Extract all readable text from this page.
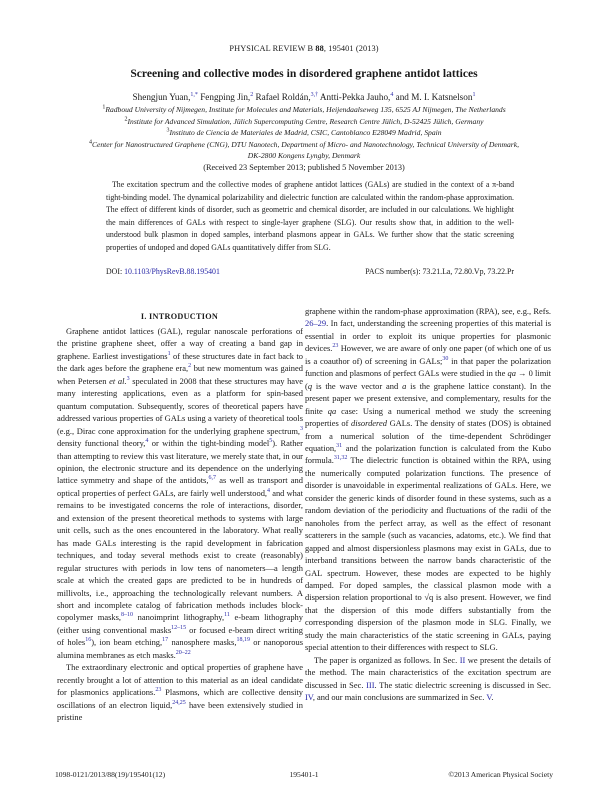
PHYSICAL REVIEW B 88, 195401 (2013)
Screening and collective modes in disordered graphene antidot lattices
Shengjun Yuan,$^{1,*}$ Fengping Jin,$^2$ Rafael Roldán,$^{3,\dagger}$ Antti-Pekka Jauho,$^4$ and M. I. Katsnelson$^1$
$^1$Radboud University of Nijmegen, Institute for Molecules and Materials, Heijendaalseweg 135, 6525 AJ Nijmegen, The Netherlands
$^2$Institute for Advanced Simulation, Jülich Supercomputing Centre, Research Centre Jülich, D-52425 Jülich, Germany
$^3$Instituto de Ciencia de Materiales de Madrid, CSIC, Cantoblanco E28049 Madrid, Spain
$^4$Center for Nanostructured Graphene (CNG), DTU Nanotech, Department of Micro- and Nanotechnology, Technical University of Denmark,
DK-2800 Kongens Lyngby, Denmark
(Received 23 September 2013; published 5 November 2013)
The excitation spectrum and the collective modes of graphene antidot lattices (GALs) are studied in the context of a π-band tight-binding model. The dynamical polarizability and dielectric function are calculated within the random-phase approximation. The effect of different kinds of disorder, such as geometric and chemical disorder, are included in our calculations. We highlight the main differences of GALs with respect to single-layer graphene (SLG). Our results show that, in addition to the well-understood bulk plasmon in doped samples, interband plasmons appear in GALs. We further show that the static screening properties of undoped and doped GALs quantitatively differ from SLG.
DOI: 10.1103/PhysRevB.88.195401	PACS number(s): 73.21.La, 72.80.Vp, 73.22.Pr
I. INTRODUCTION

Graphene antidot lattices (GAL), regular nanoscale perforations of the pristine graphene sheet, offer a way of creating a band gap in graphene. Earliest investigations$^1$ of these structures date in fact back to the dark ages before the graphene era,$^2$ but new momentum was gained when Petersen et al.$^3$ speculated in 2008 that these structures may have many interesting applications, even as a platform for spin-based quantum computation. Subsequently, scores of theoretical papers have addressed various properties of GALs using a variety of theoretical tools (e.g., Dirac cone approximation for the underlying graphene spectrum,$^3$ density functional theory,$^4$ or within the tight-binding model$^5$). Rather than attempting to review this vast literature, we merely state that, in our opinion, the electronic structure and its dependence on the underlying lattice symmetry and shape of the antidots,$^{6,7}$ as well as transport and optical properties of perfect GALs, are fairly well understood,$^4$ and what remains to be investigated concerns the role of interactions, disorder, and extension of the present theoretical methods to systems with large unit cells, such as the ones encountered in the laboratory. What really has made GALs interesting is the rapid development in fabrication techniques, and today several methods exist to create (reasonably) regular structures with periods in low tens of nanometers—a length scale at which the created gaps are predicted to be in hundreds of millivolts, i.e., approaching the technologically relevant numbers. A short and incomplete catalog of fabrication methods includes block-copolymer masks,$^{8-10}$ nanoimprint lithography,$^{11}$ e-beam lithography (either using conventional masks$^{12-15}$ or focused e-beam direct writing of holes$^{16}$), ion beam etching,$^{17}$ nanosphere masks,$^{18,19}$ or nanoporous alumina membranes as etch masks.$^{20-22}$

The extraordinary electronic and optical properties of graphene have recently brought a lot of attention to this material as an ideal candidate for plasmonics applications.$^{23}$ Plasmons, which are collective density oscillations of an electron liquid,$^{24,25}$ have been extensively studied in pristine

graphene within the random-phase approximation (RPA), see, e.g., Refs. 26–29. In fact, understanding the screening properties of this material is essential in order to exploit its unique properties for plasmonic devices.$^{23}$ However, we are aware of only one paper (of which one of us is a coauthor of) of screening in GALs;$^{30}$ in that paper the polarization function and plasmons of perfect GALs were studied in the qa → 0 limit (q is the wave vector and a is the graphene lattice constant). In the present paper we present extensive, and complementary, results for the finite qa case: Using a numerical method we study the screening properties of disordered GALs. The density of states (DOS) is obtained from a numerical solution of the time-dependent Schrödinger equation,$^{31}$ and the polarization function is calculated from the Kubo formula.$^{31,32}$ The dielectric function is obtained within the RPA, using the numerically computed polarization functions. The presence of disorder is unavoidable in experimental realizations of GALs. Here, we consider the generic kinds of disorder found in these systems, such as a random deviation of the periodicity and fluctuations of the radii of the nanoholes from the perfect array, as well as the effect of resonant scatterers in the sample (such as vacancies, adatoms, etc.). We find that gapped and almost dispersionless plasmons may exist in GALs, due to interband transitions between the narrow bands characteristic of the GAL spectrum. However, these modes are expected to be highly damped. For doped samples, the classical plasmon mode with a dispersion relation proportional to √q is also present. However, we find that the dispersion of this mode differs substantially from the corresponding dispersion of the plasmon mode in SLG. Finally, we study the main characteristics of the static screening in GALs, paying special attention to their differences with respect to SLG.

The paper is organized as follows. In Sec. II we present the details of the method. The main characteristics of the excitation spectrum are discussed in Sec. III. The static dielectric screening is discussed in Sec. IV, and our main conclusions are summarized in Sec. V.

1098-0121/2013/88(19)/195401(12)	195401-1	©2013 American Physical Society
